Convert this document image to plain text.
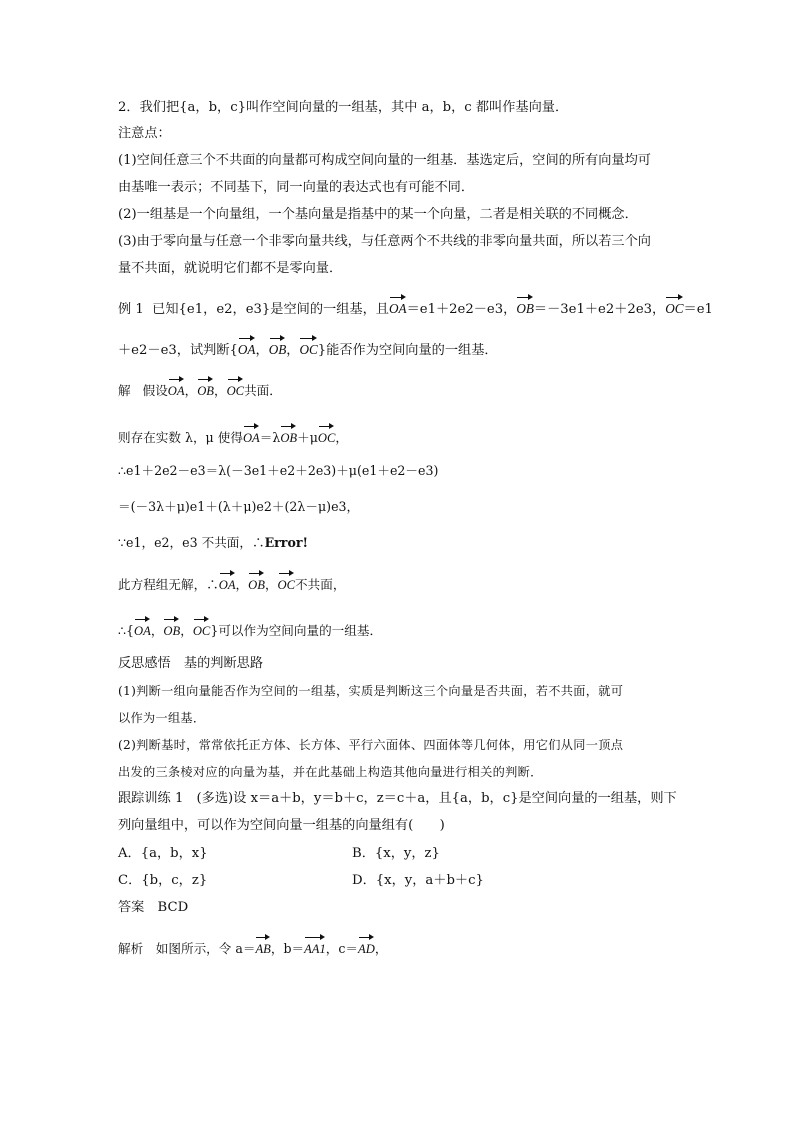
2．我们把{a，b，c}叫作空间向量的一组基，其中 a，b，c 都叫作基向量．
注意点：
(1)空间任意三个不共面的向量都可构成空间向量的一组基．基选定后，空间的所有向量均可
由基唯一表示；不同基下，同一向量的表达式也有可能不同．
(2)一组基是一个向量组，一个基向量是指基中的某一个向量，二者是相关联的不同概念．
(3)由于零向量与任意一个非零向量共线，与任意两个不共线的非零向量共面，所以若三个向
量不共面，就说明它们都不是零向量．
例 1 已知{e1，e2，e3}是空间的一组基，且OA＝e1＋2e2－e3，OB＝－3e1＋e2＋2e3，OC＝e1
＋e2－e3，试判断{OA，OB，OC}能否作为空间向量的一组基．
解 假设OA，OB，OC共面．
则存在实数 λ，μ 使得OA＝λOB＋μOC，
∴e1＋2e2－e3＝λ(－3e1＋e2＋2e3)＋μ(e1＋e2－e3)
＝(－3λ＋μ)e1＋(λ＋μ)e2＋(2λ－μ)e3，
∵e1，e2，e3 不共面，∴Error!
此方程组无解，∴OA，OB，OC不共面，
∴{OA，OB，OC}可以作为空间向量的一组基．
反思感悟　基的判断思路
(1)判断一组向量能否作为空间的一组基，实质是判断这三个向量是否共面，若不共面，就可
以作为一组基．
(2)判断基时，常常依托正方体、长方体、平行六面体、四面体等几何体，用它们从同一顶点
出发的三条棱对应的向量为基，并在此基础上构造其他向量进行相关的判断．
跟踪训练 1　(多选)设 x＝a＋b，y＝b＋c，z＝c＋a，且{a，b，c}是空间向量的一组基，则下
列向量组中，可以作为空间向量一组基的向量组有(　　)
A．{a，b，x}	B．{x，y，z}
C．{b，c，z}	D．{x，y，a＋b＋c}
答案　BCD
解析　如图所示，令 a＝AB，b＝AA1，c＝AD，
